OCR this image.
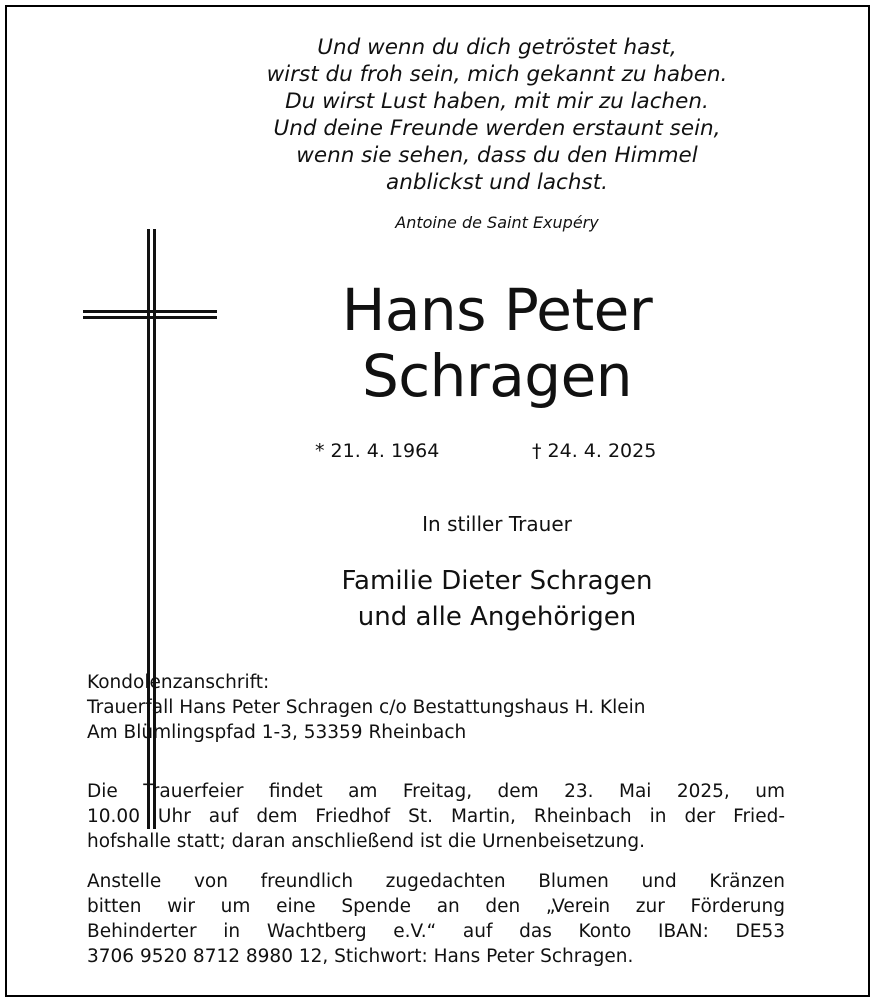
Und wenn du dich getröstet hast,
wirst du froh sein, mich gekannt zu haben.
Du wirst Lust haben, mit mir zu lachen.
Und deine Freunde werden erstaunt sein,
wenn sie sehen, dass du den Himmel
anblickst und lachst.
Antoine de Saint Exupéry
Hans Peter
Schragen
* 21. 4. 1964	† 24. 4. 2025
In stiller Trauer
Familie Dieter Schragen
und alle Angehörigen
Kondolenzanschrift:
Trauerfall Hans Peter Schragen c/o Bestattungshaus H. Klein
Am Blümlingspfad 1-3, 53359 Rheinbach
Die Trauerfeier findet am Freitag, dem 23. Mai 2025, um
10.00 Uhr auf dem Friedhof St. Martin, Rheinbach in der Fried-
hofshalle statt; daran anschließend ist die Urnenbeisetzung.
Anstelle von freundlich zugedachten Blumen und Kränzen
bitten wir um eine Spende an den „Verein zur Förderung
Behinderter in Wachtberg e.V.“ auf das Konto IBAN: DE53
3706 9520 8712 8980 12, Stichwort: Hans Peter Schragen.
